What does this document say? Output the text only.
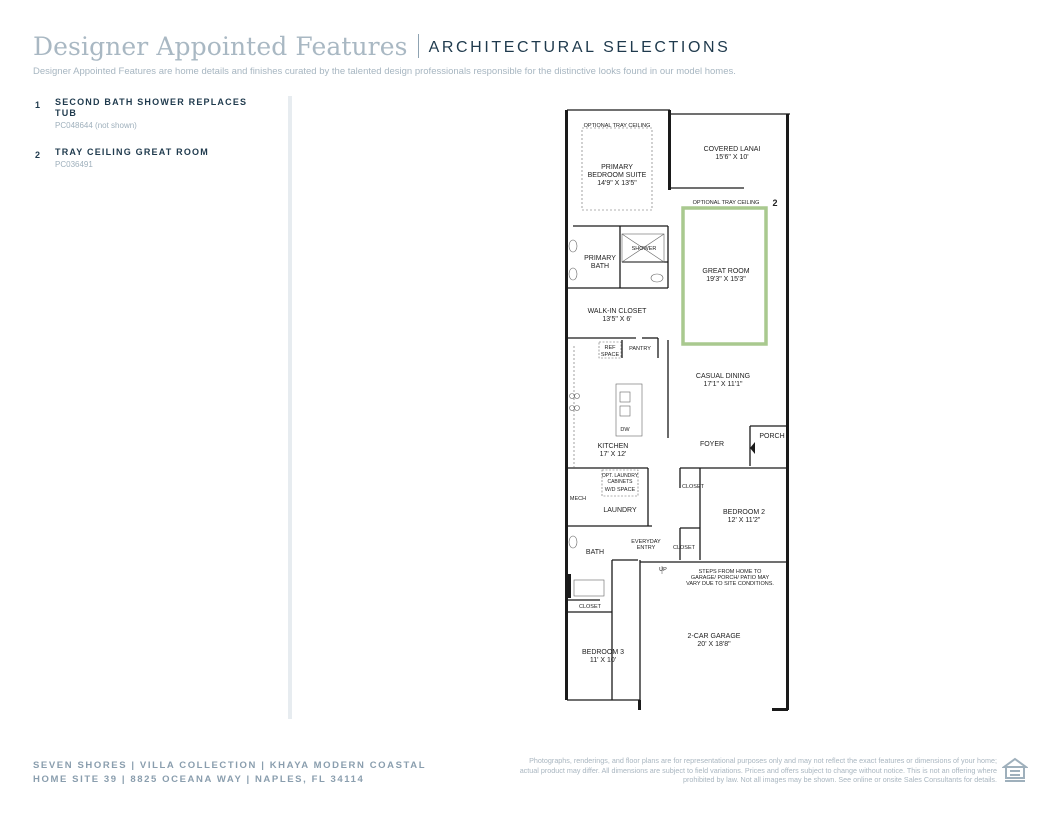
Designer Appointed Features ARCHITECTURAL SELECTIONS
Designer Appointed Features are home details and finishes curated by the talented design professionals responsible for the distinctive looks found in our model homes.
1 SECOND BATH SHOWER REPLACES TUB
PC048644 (not shown)
2 TRAY CEILING GREAT ROOM
PC036491
OPTIONAL TRAY CEILING
PRIMARY
BEDROOM SUITE
14'9" X 13'5"
COVERED LANAI
15'6" X 10'
OPTIONAL TRAY CEILING 2
SHOWER
PRIMARY
BATH
GREAT ROOM
19'3" X 15'3"
WALK-IN CLOSET
13'5" X 6'
REF
SPACE
PANTRY
CASUAL DINING
17'1" X 11'1"
DW
PORCH
KITCHEN
17' X 12'
FOYER
MECH
OPT. LAUNDRY
CABINETS
W/D SPACE
LAUNDRY
CLOSET
BEDROOM 2
12' X 11'2"
BATH
EVERYDAY
ENTRY	CLOSET
UP	STEPS FROM HOME TO
GARAGE/ PORCH/ PATIO MAY
VARY DUE TO SITE CONDITIONS.
CLOSET
2-CAR GARAGE
20' X 18'8"
BEDROOM 3
11' X 10'
SEVEN SHORES | VILLA COLLECTION | KHAYA MODERN COASTAL
HOME SITE 39 | 8825 OCEANA WAY | NAPLES, FL 34114
Photographs, renderings, and floor plans are for representational purposes only and may not reflect the exact features or dimensions of your home; actual product may differ. All dimensions are subject to field variations. Prices and offers subject to change without notice. This is not an offering where prohibited by law. Not all images may be shown. See online or onsite Sales Consultants for details.
